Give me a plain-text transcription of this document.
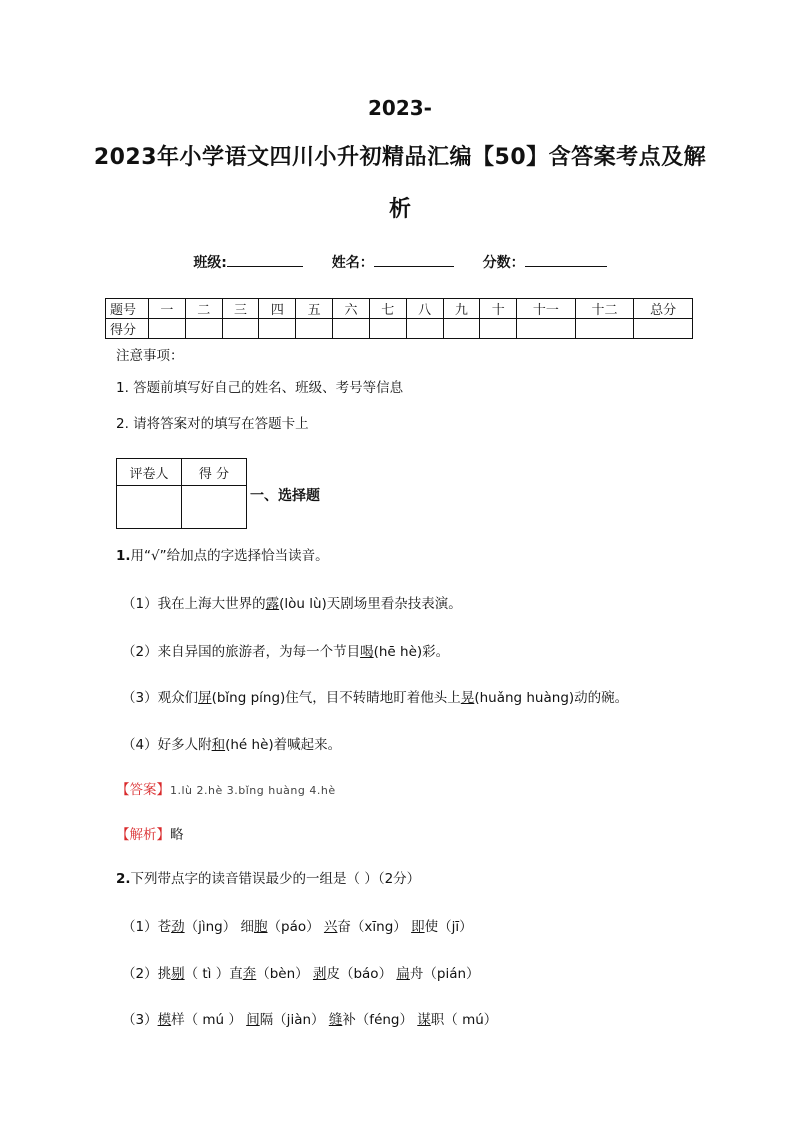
2023-
2023年小学语文四川小升初精品汇编【50】含答案考点及解
析
班级:	姓名：	分数：
题号	一	二	三	四	五	六	七	八	九	十	十一	十二	总分
得分													
注意事项：
1. 答题前填写好自己的姓名、班级、考号等信息
2. 请将答案对的填写在答题卡上
评卷人	得 分

一、选择题
1.用“√”给加点的字选择恰当读音。
（1）我在上海大世界的露(lòu lù)天剧场里看杂技表演。
（2）来自异国的旅游者，为每一个节目喝(hē hè)彩。
（3）观众们屏(bǐng píng)住气，目不转睛地盯着他头上晃(huǎng huàng)动的碗。
（4）好多人附和(hé hè)着喊起来。
【答案】1.lù 2.hè 3.bǐng huàng 4.hè
【解析】略
2.下列带点字的读音错误最少的一组是（ ）（2分）
（1）苍劲（jìng） 细胞（páo） 兴奋（xīng） 即使（jī）
（2）挑剔（ tì ）直奔（bèn） 剥皮（báo） 扁舟（pián）
（3）模样（ mú ） 间隔（jiàn） 缝补（féng） 谋职（ mú）
